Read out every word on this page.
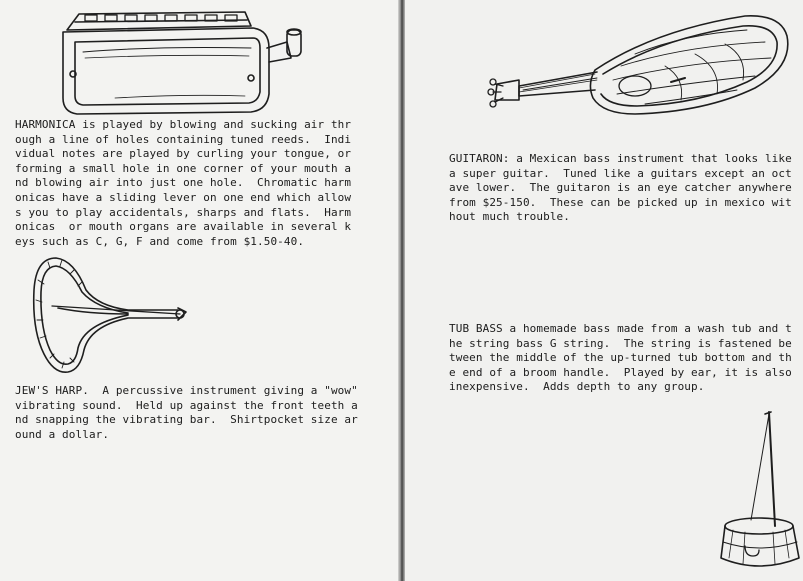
HARMONICA is played by blowing and sucking air thr
ough a line of holes containing tuned reeds.  Indi
vidual notes are played by curling your tongue, or
forming a small hole in one corner of your mouth a
nd blowing air into just one hole.  Chromatic harm
onicas have a sliding lever on one end which allow
s you to play accidentals, sharps and flats.  Harm
onicas  or mouth organs are available in several k
eys such as C, G, F and come from $1.50-40.
JEW'S HARP.  A percussive instrument giving a "wow"
vibrating sound.  Held up against the front teeth a
nd snapping the vibrating bar.  Shirtpocket size ar
ound a dollar.
GUITARON: a Mexican bass instrument that looks like
a super guitar.  Tuned like a guitars except an oct
ave lower.  The guitaron is an eye catcher anywhere
from $25-150.  These can be picked up in mexico wit
hout much trouble.
TUB BASS a homemade bass made from a wash tub and t
he string bass G string.  The string is fastened be
tween the middle of the up-turned tub bottom and th
e end of a broom handle.  Played by ear, it is also
inexpensive.  Adds depth to any group.
